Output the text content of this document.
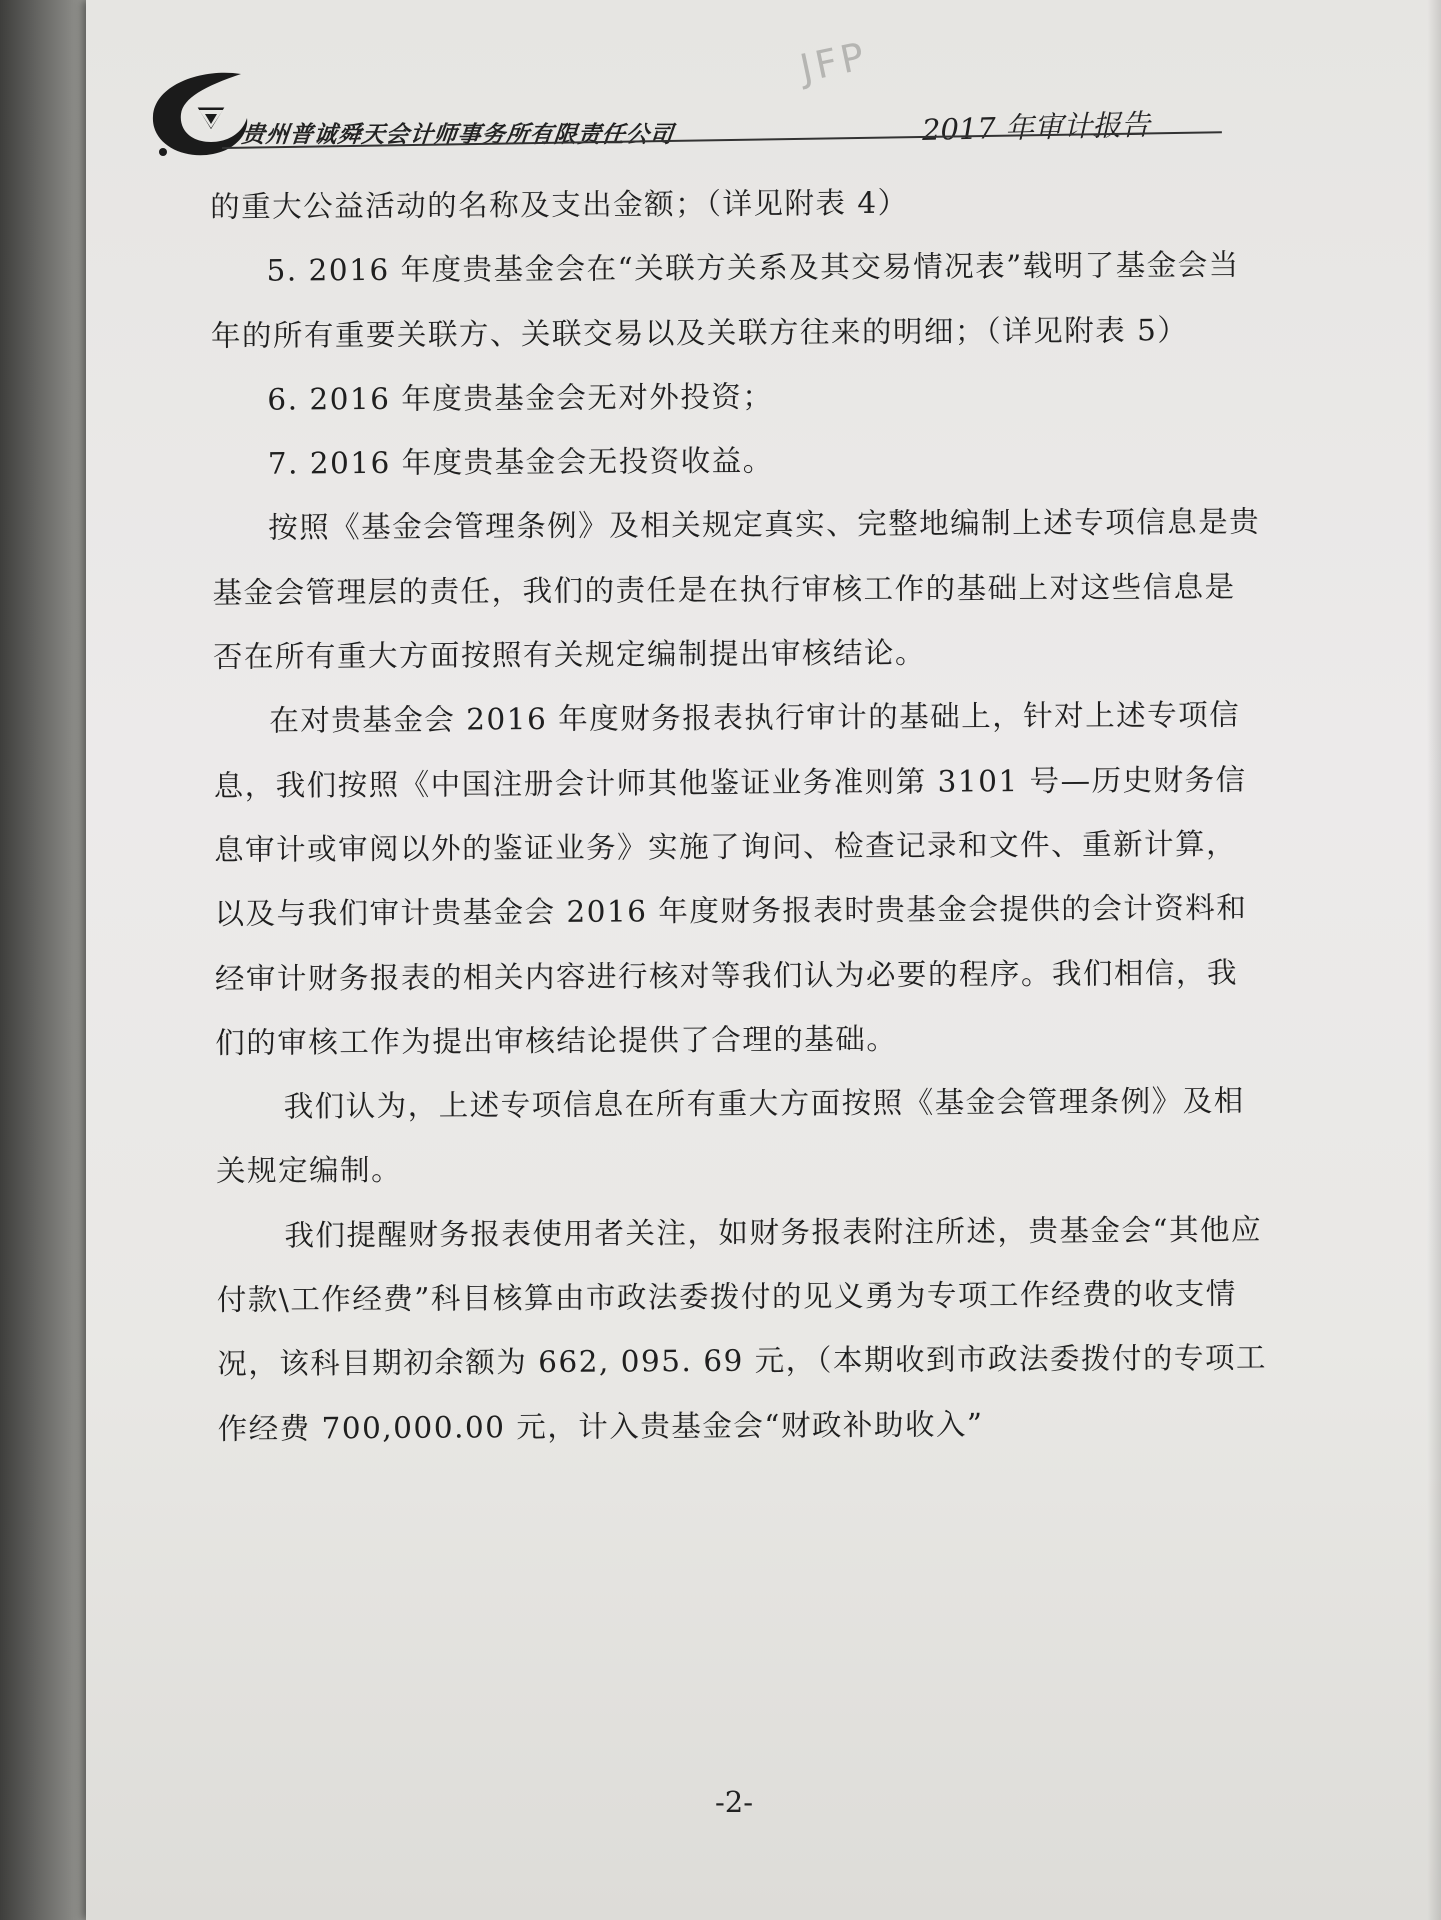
JFP
贵州普诚舜天会计师事务所有限责任公司	2017 年审计报告

的重大公益活动的名称及支出金额；（详见附表 4）

5. 2016 年度贵基金会在“关联方关系及其交易情况表”载明了基金会当年的所有重要关联方、关联交易以及关联方往来的明细；（详见附表 5）

6. 2016 年度贵基金会无对外投资；

7. 2016 年度贵基金会无投资收益。

按照《基金会管理条例》及相关规定真实、完整地编制上述专项信息是贵基金会管理层的责任，我们的责任是在执行审核工作的基础上对这些信息是否在所有重大方面按照有关规定编制提出审核结论。

在对贵基金会 2016 年度财务报表执行审计的基础上，针对上述专项信息，我们按照《中国注册会计师其他鉴证业务准则第 3101 号—历史财务信息审计或审阅以外的鉴证业务》实施了询问、检查记录和文件、重新计算，以及与我们审计贵基金会 2016 年度财务报表时贵基金会提供的会计资料和经审计财务报表的相关内容进行核对等我们认为必要的程序。我们相信，我们的审核工作为提出审核结论提供了合理的基础。

我们认为，上述专项信息在所有重大方面按照《基金会管理条例》及相关规定编制。

我们提醒财务报表使用者关注，如财务报表附注所述，贵基金会“其他应付款\工作经费”科目核算由市政法委拨付的见义勇为专项工作经费的收支情况，该科目期初余额为 662, 095. 69 元，（本期收到市政法委拨付的专项工作经费 700,000.00 元，计入贵基金会“财政补助收入”

-2-
